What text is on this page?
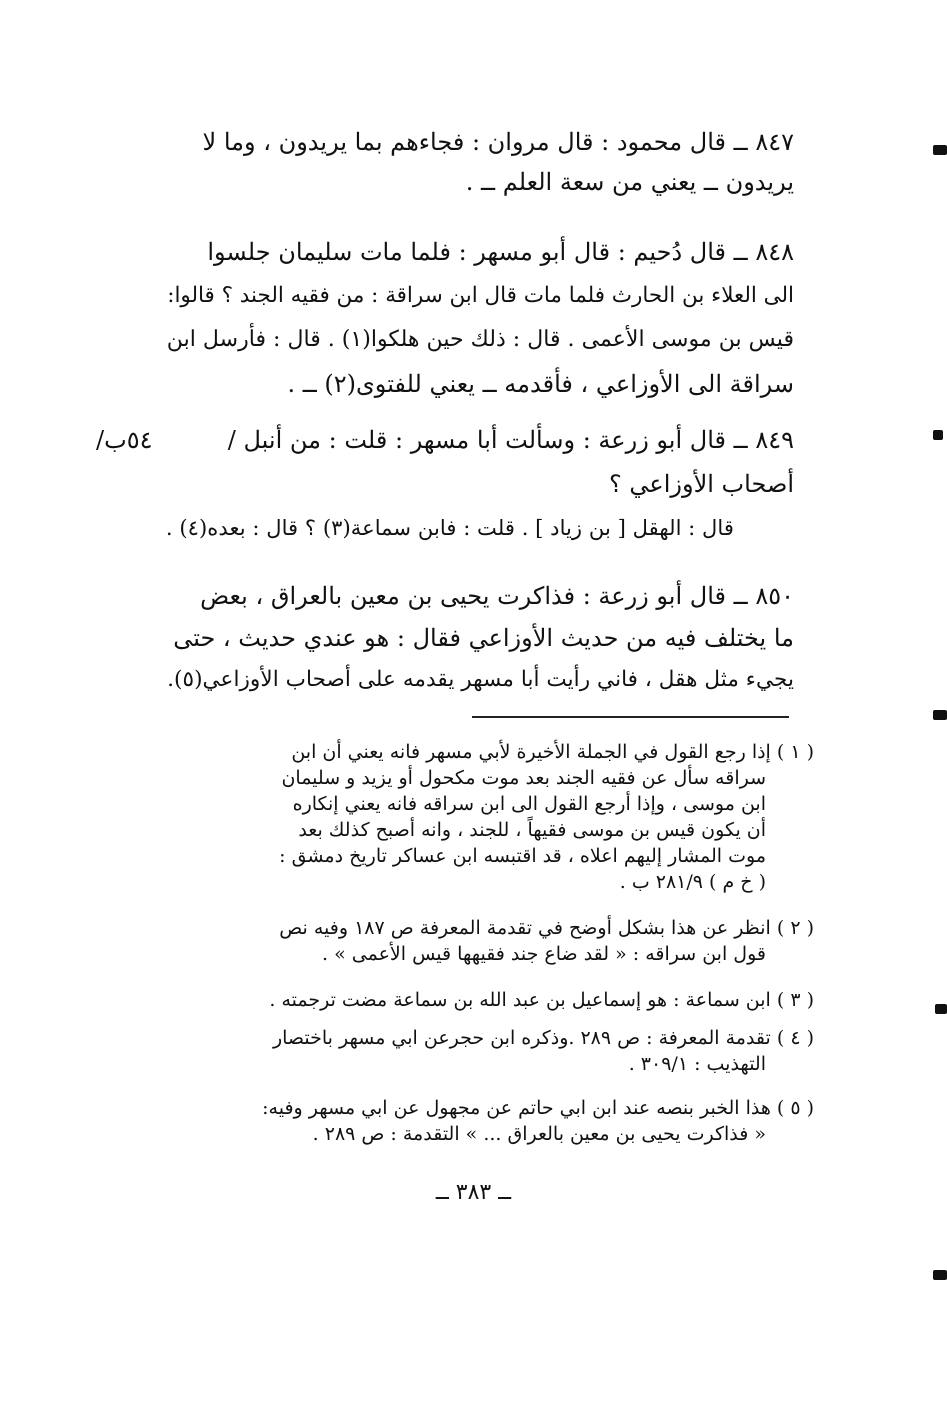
٨٤٧ ــ قال محمود : قال مروان : فجاءهم بما يريدون ، وما لا
يريدون ــ يعني من سعة العلم ــ .
٨٤٨ ــ قال دُحيم : قال أبو مسهر : فلما مات سليمان جلسوا
الى العلاء بن الحارث فلما مات قال ابن سراقة : من فقيه الجند ؟ قالوا:
قيس بن موسى الأعمى . قال : ذلك حين هلكوا(١) . قال : فأرسل ابن
سراقة الى الأوزاعي ، فأقدمه ــ يعني للفتوى(٢) ــ .
٨٤٩ ــ قال أبو زرعة : وسألت أبا مسهر : قلت : من أنبل /
أصحاب الأوزاعي ؟
قال : الهقل [ بن زياد ] . قلت : فابن سماعة(٣) ؟ قال : بعده(٤) .
/٥٤ب
٨٥٠ ــ قال أبو زرعة : فذاكرت يحيى بن معين بالعراق ، بعض
ما يختلف فيه من حديث الأوزاعي فقال : هو عندي حديث ، حتى
يجيء مثل هقل ، فاني رأيت أبا مسهر يقدمه على أصحاب الأوزاعي(٥).
( ١ ) إذا رجع القول في الجملة الأخيرة لأبي مسهر فانه يعني أن ابن
سراقه سأل عن فقيه الجند بعد موت مكحول أو يزيد و سليمان
ابن موسى ، وإذا أرجع القول الى ابن سراقه فانه يعني إنكاره
أن يكون قيس بن موسى فقيهاً ، للجند ، وانه أصبح كذلك بعد
موت المشار إليهم اعلاه ، قد اقتبسه ابن عساكر تاريخ دمشق :
( خ م ) ٢٨١/٩ ب .
( ٢ ) انظر عن هذا بشكل أوضح في تقدمة المعرفة ص ١٨٧ وفيه نص
قول ابن سراقه : « لقد ضاع جند فقيهها قيس الأعمى » .
( ٣ ) ابن سماعة : هو إسماعيل بن عبد الله بن سماعة مضت ترجمته .
( ٤ ) تقدمة المعرفة : ص ٢٨٩ .وذكره ابن حجرعن ابي مسهر باختصار
التهذيب : ٣٠٩/١ .
( ٥ ) هذا الخبر بنصه عند ابن ابي حاتم عن مجهول عن ابي مسهر وفيه:
« فذاكرت يحيى بن معين بالعراق ... » التقدمة : ص ٢٨٩ .
ــ ٣٨٣ ــ
